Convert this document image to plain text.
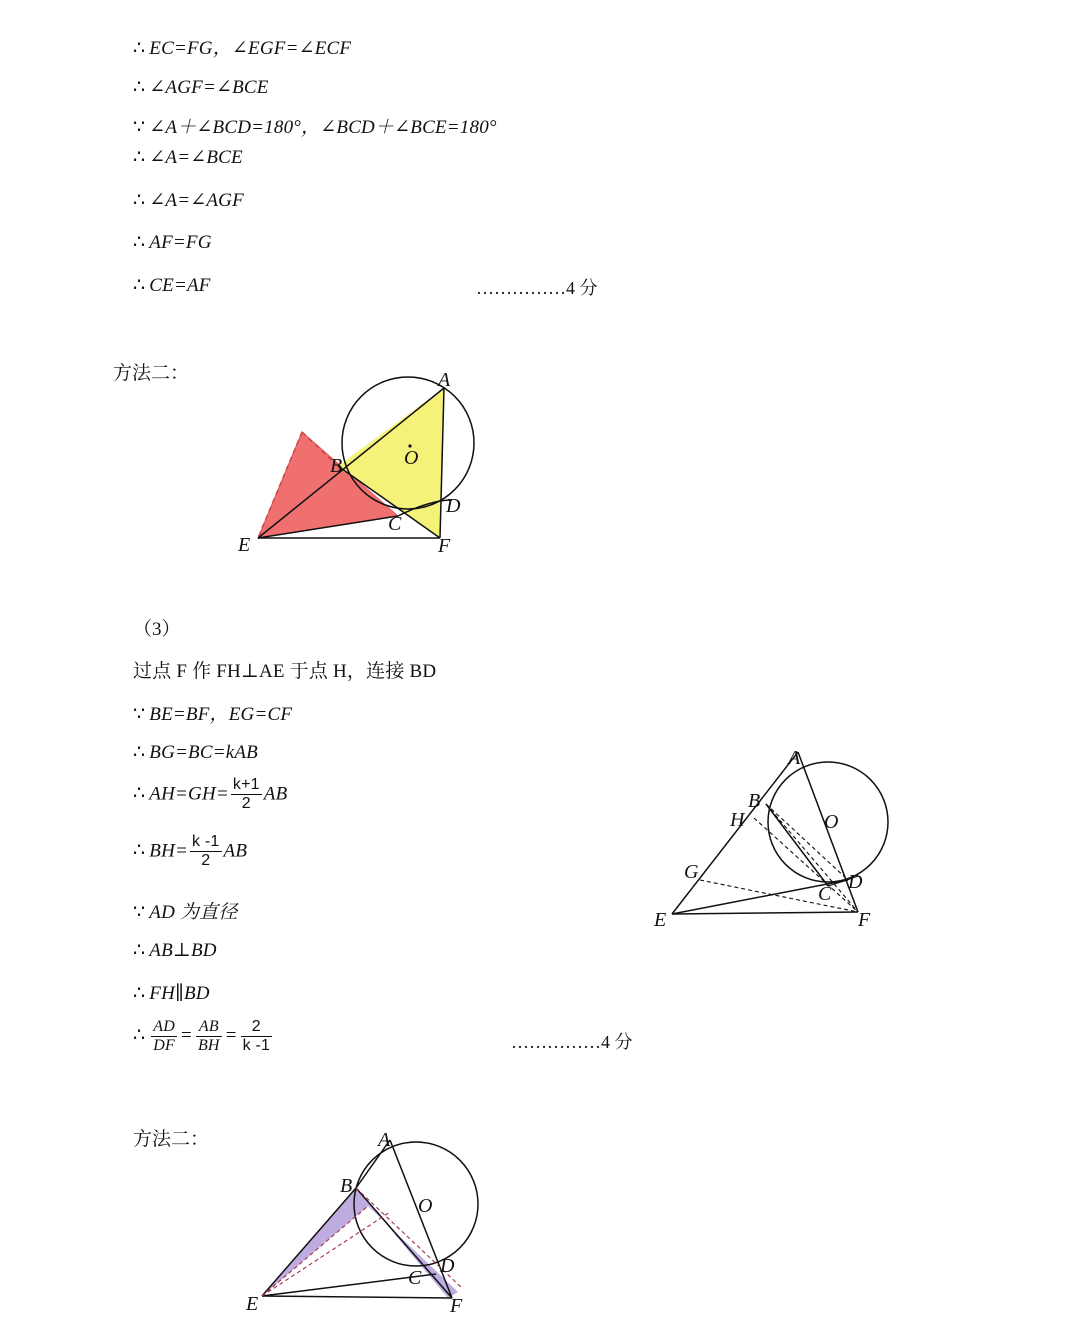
∴ EC=FG，∠EGF=∠ECF
∴ ∠AGF=∠BCE
∵ ∠A＋∠BCD=180°，∠BCD＋∠BCE=180°
∴ ∠A=∠BCE
∴ ∠A=∠AGF
∴ AF=FG
∴ CE=AF	……………4 分
方法二：	A
O
B
C
D
E	F
（3）
过点 F 作 FH⊥AE 于点 H，连接 BD
∵ BE=BF，EG=CF
∴ BG=BC=kAB
∴ $AH=GH= \frac{k+1}{2}$ AB
∴ $BH= \frac{k -1}{2}$ AB
∵ AD 为直径
∴ AB⊥BD
∴ FH∥BD
∴ $\frac{AD}{DF} = \frac{AB}{BH} = \frac{2}{k -1}$	……………4 分
A
B
H	O
G
C
D
E	F
方法二：	A
B
O
C
D
E	F
